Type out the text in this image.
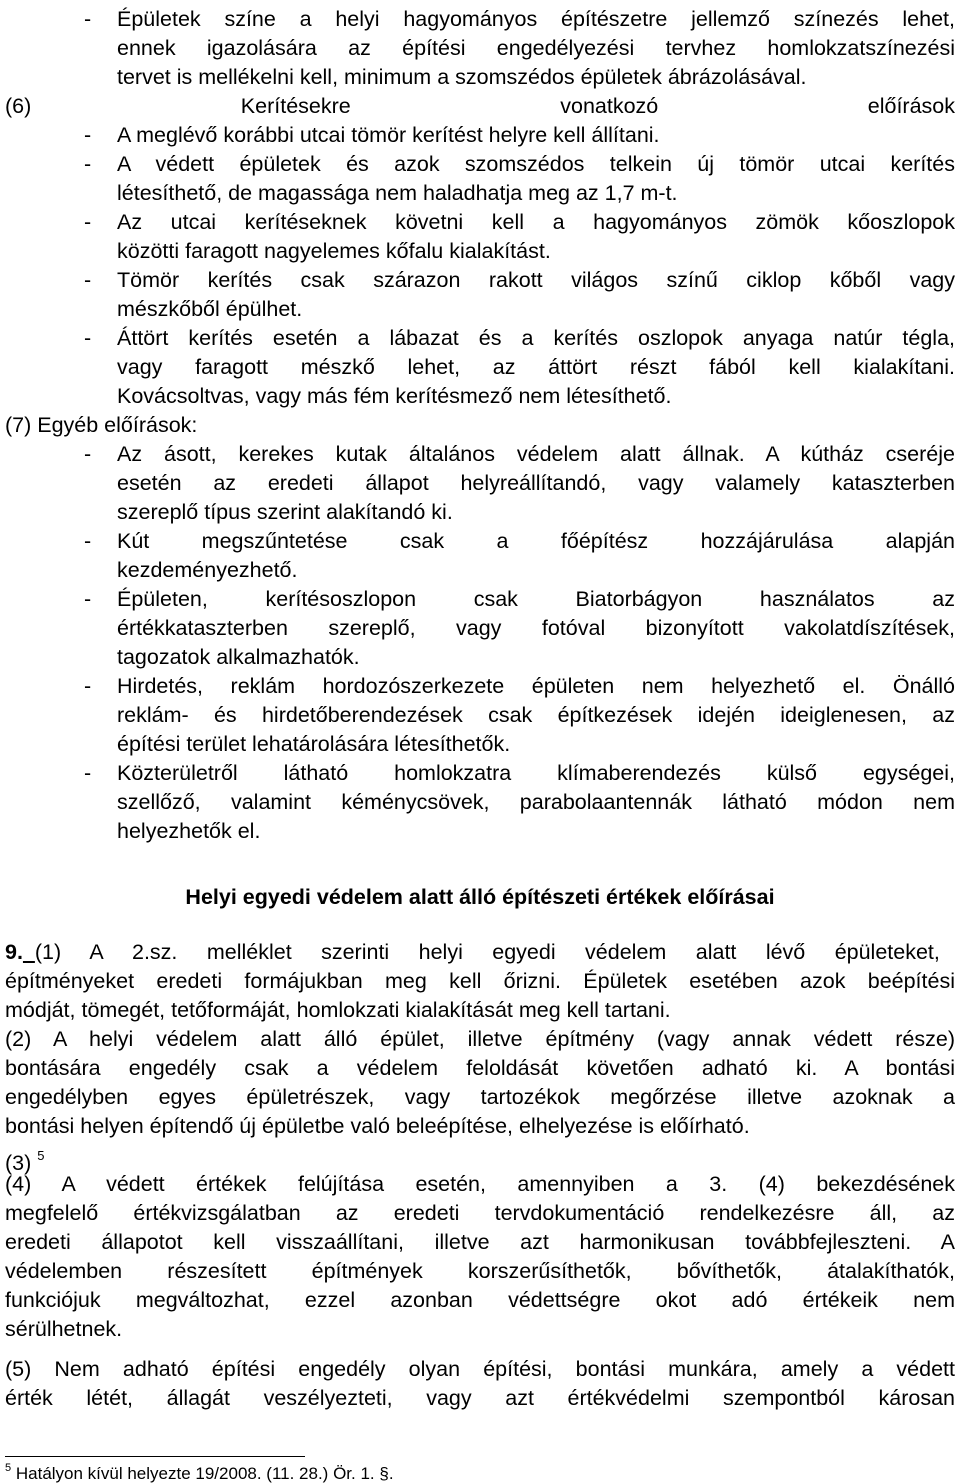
- Épületek színe a helyi hagyományos építészetre jellemző színezés lehet,
ennek igazolására az építési engedélyezési tervhez homlokzatszínezési
tervet is mellékelni kell, minimum a szomszédos épületek ábrázolásával.
(6) Kerítésekre vonatkozó előírások
- A meglévő korábbi utcai tömör kerítést helyre kell állítani.
- A védett épületek és azok szomszédos telkein új tömör utcai kerítés
létesíthető, de magassága nem haladhatja meg az 1,7 m-t.
- Az utcai kerítéseknek követni kell a hagyományos zömök kőoszlopok
közötti faragott nagyelemes kőfalu kialakítást.
- Tömör kerítés csak szárazon rakott világos színű ciklop kőből vagy
mészkőből épülhet.
- Áttört kerítés esetén a lábazat és a kerítés oszlopok anyaga natúr tégla,
vagy faragott mészkő lehet, az áttört részt fából kell kialakítani.
Kovácsoltvas, vagy más fém kerítésmező nem létesíthető.
(7) Egyéb előírások:
- Az ásott, kerekes kutak általános védelem alatt állnak. A kútház cseréje
esetén az eredeti állapot helyreállítandó, vagy valamely kataszterben
szereplő típus szerint alakítandó ki.
- Kút megszűntetése csak a főépítész hozzájárulása alapján
kezdeményezhető.
- Épületen, kerítésoszlopon csak Biatorbágyon használatos az
értékkataszterben szereplő, vagy fotóval bizonyított vakolatdíszítések,
tagozatok alkalmazhatók.
- Hirdetés, reklám hordozószerkezete épületen nem helyezhető el. Önálló
reklám- és hirdetőberendezések csak építkezések idején ideiglenesen, az
építési terület lehatárolására létesíthetők.
- Közterületről látható homlokzatra klímaberendezés külső egységei,
szellőző, valamint kéménycsövek, parabolaantennák látható módon nem
helyezhetők el.
Helyi egyedi védelem alatt álló építészeti értékek előírásai
9. (1) A 2.sz. melléklet szerinti helyi egyedi védelem alatt lévő épületeket,
építményeket eredeti formájukban meg kell őrizni. Épületek esetében azok beépítési
módját, tömegét, tetőformáját, homlokzati kialakítását meg kell tartani.
(2) A helyi védelem alatt álló épület, illetve építmény (vagy annak védett része)
bontására engedély csak a védelem feloldását követően adható ki. A bontási
engedélyben egyes épületrészek, vagy tartozékok megőrzése illetve azoknak a
bontási helyen építendő új épületbe való beleépítése, elhelyezése is előírható.
(3) $^5$
(4) A védett értékek felújítása esetén, amennyiben a 3. (4) bekezdésének
megfelelő értékvizsgálatban az eredeti tervdokumentáció rendelkezésre áll, az
eredeti állapotot kell visszaállítani, illetve azt harmonikusan továbbfejleszteni. A
védelemben részesített építmények korszerűsíthetők, bővíthetők, átalakíthatók,
funkciójuk megváltozhat, ezzel azonban védettségre okot adó értékeik nem
sérülhetnek.
(5) Nem adható építési engedély olyan építési, bontási munkára, amely a védett
érték létét, állagát veszélyezteti, vagy azt értékvédelmi szempontból károsan
$^5$ Hatályon kívül helyezte 19/2008. (11. 28.) Ör. 1. §.
